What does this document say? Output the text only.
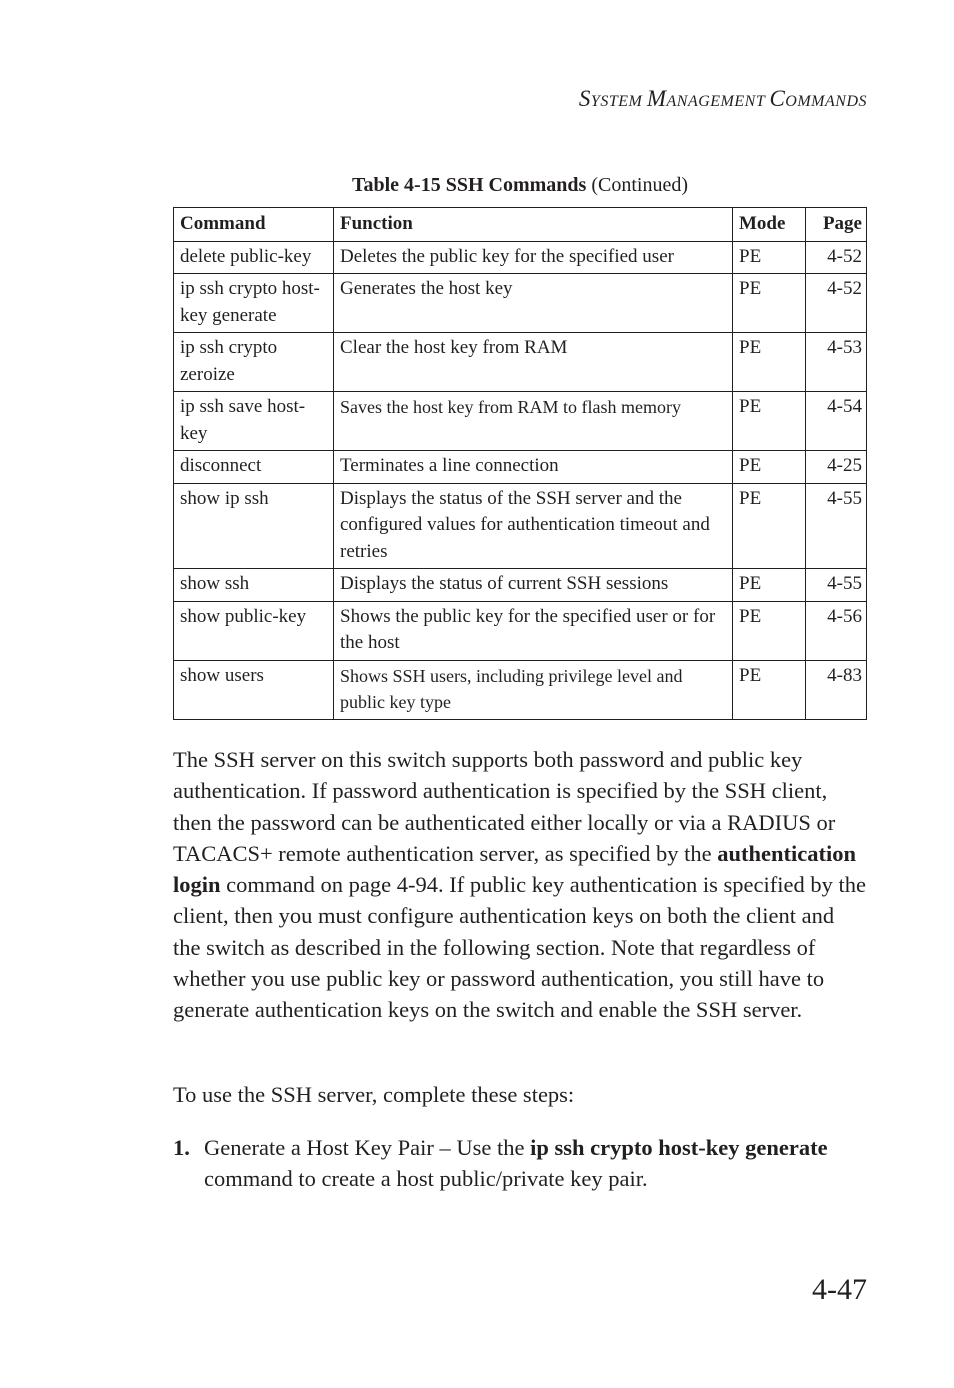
SYSTEM MANAGEMENT COMMANDS
Table 4-15 SSH Commands (Continued)
Command	Function	Mode	Page
delete public-key	Deletes the public key for the specified user	PE	4-52
ip ssh crypto host-key generate	Generates the host key	PE	4-52
ip ssh crypto zeroize	Clear the host key from RAM	PE	4-53
ip ssh save host-key	Saves the host key from RAM to flash memory	PE	4-54
disconnect	Terminates a line connection	PE	4-25
show ip ssh	Displays the status of the SSH server and the configured values for authentication timeout and retries	PE	4-55
show ssh	Displays the status of current SSH sessions	PE	4-55
show public-key	Shows the public key for the specified user or for the host	PE	4-56
show users	Shows SSH users, including privilege level and public key type	PE	4-83
The SSH server on this switch supports both password and public key authentication. If password authentication is specified by the SSH client, then the password can be authenticated either locally or via a RADIUS or TACACS+ remote authentication server, as specified by the authentication login command on page 4-94. If public key authentication is specified by the client, then you must configure authentication keys on both the client and the switch as described in the following section. Note that regardless of whether you use public key or password authentication, you still have to generate authentication keys on the switch and enable the SSH server.
To use the SSH server, complete these steps:
1. Generate a Host Key Pair – Use the ip ssh crypto host-key generate command to create a host public/private key pair.
4-47
